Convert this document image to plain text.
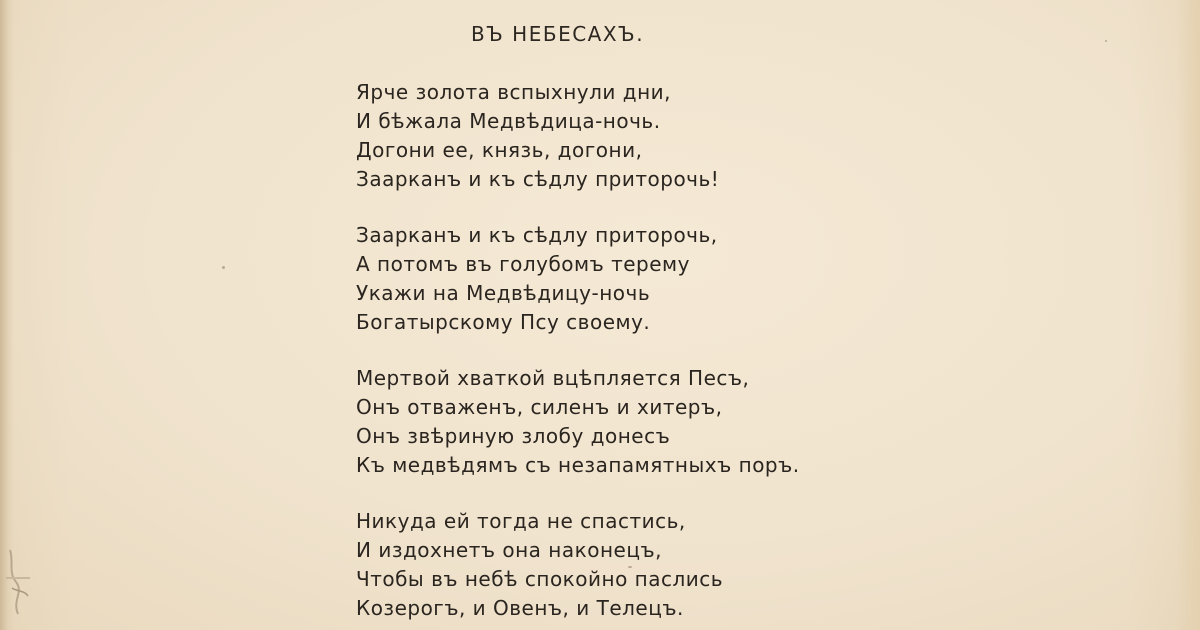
ВЪ НЕБЕСАХЪ.
Ярче золота вспыхнули дни,
И бѣжала Медвѣдица-ночь.
Догони ее, князь, догони,
Заарканъ и къ сѣдлу приторочь!
Заарканъ и къ сѣдлу приторочь,
А потомъ въ голубомъ терему
Укажи на Медвѣдицу-ночь
Богатырскому Псу своему.
Мертвой хваткой вцѣпляется Песъ,
Онъ отваженъ, силенъ и хитеръ,
Онъ звѣриную злобу донесъ
Къ медвѣдямъ съ незапамятныхъ поръ.
Никуда ей тогда не спастись,
И издохнетъ она наконецъ,
Чтобы въ небѣ спокойно паслись
Козерогъ, и Овенъ, и Телецъ.
